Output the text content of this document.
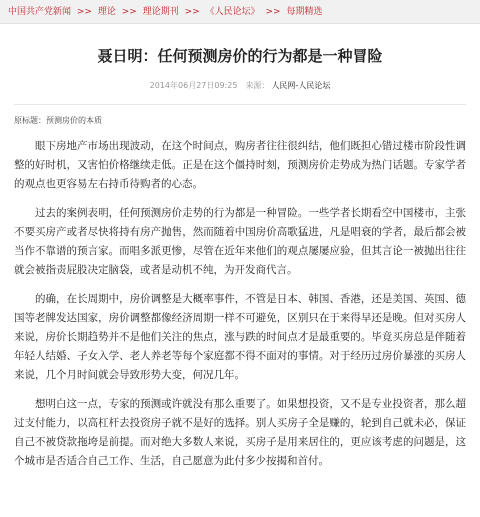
中国共产党新闻 >> 理论 >> 理论期刊 >> 《人民论坛》 >> 每期精选
聂日明：任何预测房价的行为都是一种冒险
2014年06月27日09:25 来源： 人民网-人民论坛
原标题：预测房价的本质

眼下房地产市场出现波动，在这个时间点，购房者往往很纠结，他们既担心错过楼市阶段性调整的好时机，又害怕价格继续走低。正是在这个僵持时刻，预测房价走势成为热门话题。专家学者的观点也更容易左右持币待购者的心态。

过去的案例表明，任何预测房价走势的行为都是一种冒险。一些学者长期看空中国楼市，主张不要买房产或者尽快将持有房产抛售，然而随着中国房价高歌猛进，凡是唱衰的学者，最后都会被当作不靠谱的预言家。而唱多派更惨，尽管在近年来他们的观点屡屡应验，但其言论一被抛出往往就会被指责屁股决定脑袋，或者是动机不纯，为开发商代言。

的确，在长周期中，房价调整是大概率事件，不管是日本、韩国、香港，还是美国、英国、德国等老牌发达国家，房价调整都像经济周期一样不可避免，区别只在于来得早还是晚。但对买房人来说，房价长期趋势并不是他们关注的焦点，涨与跌的时间点才是最重要的。毕竟买房总是伴随着年轻人结婚、子女入学、老人养老等每个家庭都不得不面对的事情。对于经历过房价暴涨的买房人来说，几个月时间就会导致形势大变，何况几年。

想明白这一点，专家的预测或许就没有那么重要了。如果想投资，又不是专业投资者，那么超过支付能力，以高杠杆去投资房子就不是好的选择。别人买房子全是赚的，轮到自己就未必，保证自己不被贷款拖垮是前提。而对绝大多数人来说，买房子是用来居住的，更应该考虑的问题是，这个城市是否适合自己工作、生活，自己愿意为此付多少按揭和首付。
